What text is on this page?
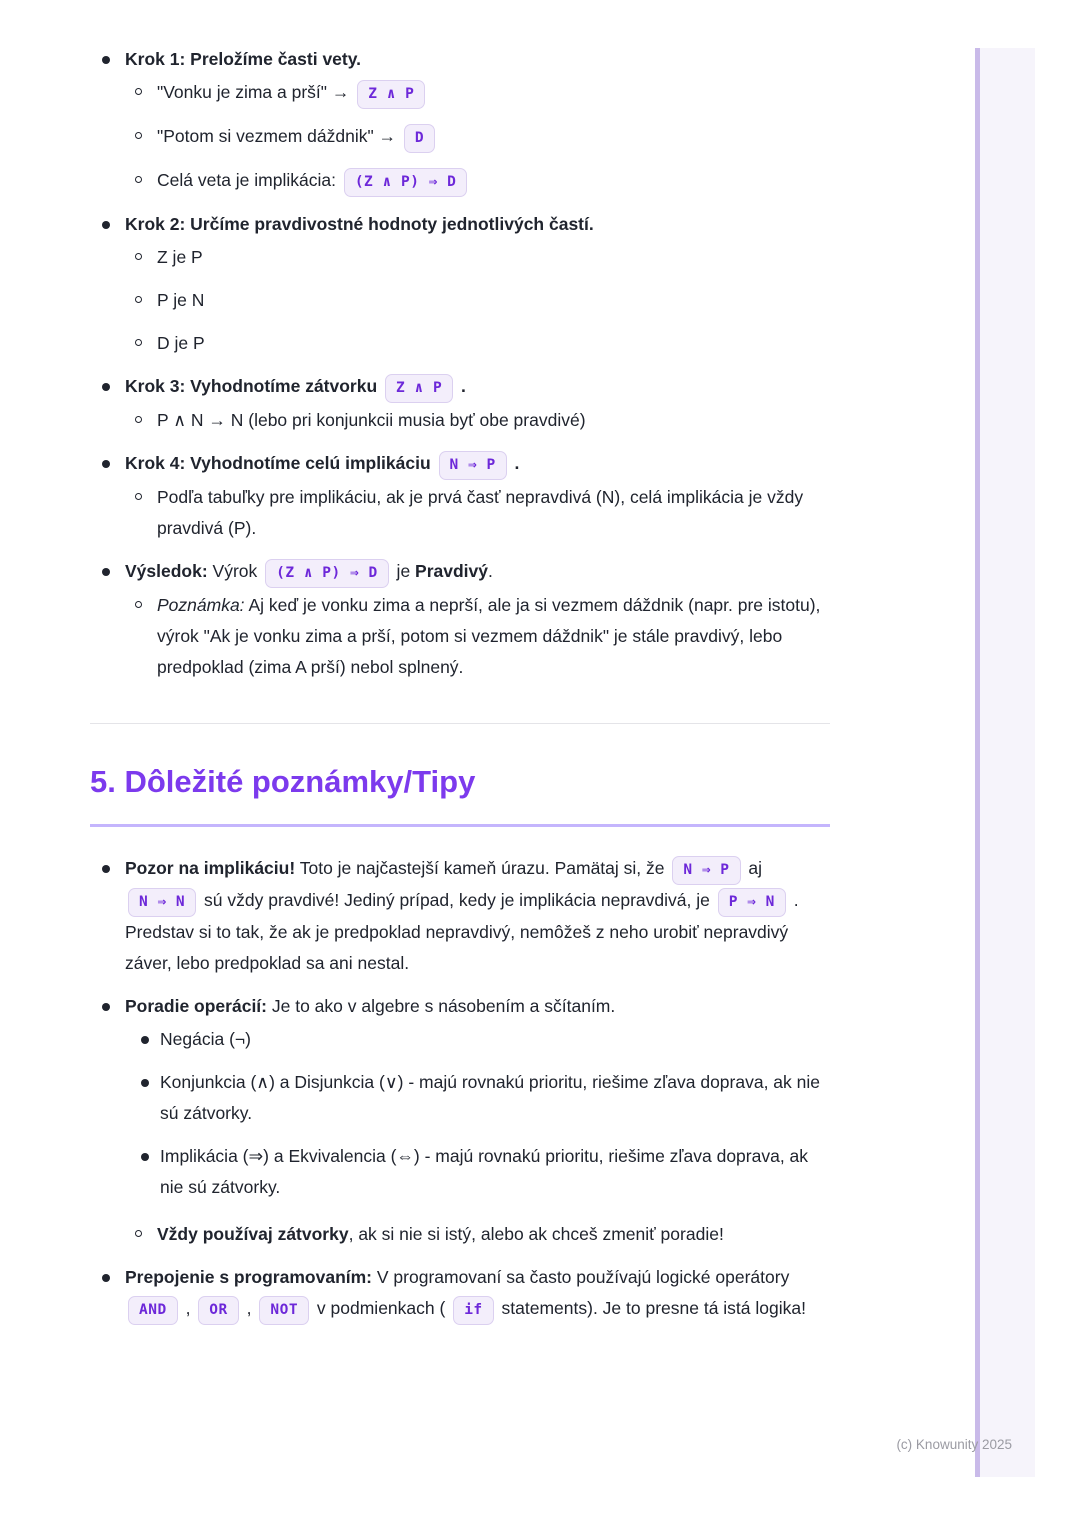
Krok 1: Preložíme časti vety.
"Vonku je zima a prší" → Z ∧ P
"Potom si vezmem dáždnik" → D
Celá veta je implikácia: (Z ∧ P) ⇒ D
Krok 2: Určíme pravdivostné hodnoty jednotlivých častí.
Z je P
P je N
D je P
Krok 3: Vyhodnotíme zátvorku Z ∧ P .
P ∧ N → N (lebo pri konjunkcii musia byť obe pravdivé)
Krok 4: Vyhodnotíme celú implikáciu N ⇒ P .
Podľa tabuľky pre implikáciu, ak je prvá časť nepravdivá (N), celá implikácia je vždy pravdivá (P).
Výsledok: Výrok (Z ∧ P) ⇒ D je Pravdivý.
Poznámka: Aj keď je vonku zima a neprší, ale ja si vezmem dáždnik (napr. pre istotu), výrok "Ak je vonku zima a prší, potom si vezmem dáždnik" je stále pravdivý, lebo predpoklad (zima A prší) nebol splnený.
5. Dôležité poznámky/Tipy
Pozor na implikáciu! Toto je najčastejší kameň úrazu. Pamätaj si, že N ⇒ P aj N ⇒ N sú vždy pravdivé! Jediný prípad, kedy je implikácia nepravdivá, je P ⇒ N . Predstav si to tak, že ak je predpoklad nepravdivý, nemôžeš z neho urobiť nepravdivý záver, lebo predpoklad sa ani nestal.
Poradie operácií: Je to ako v algebre s násobením a sčítaním.
Negácia (¬)
Konjunkcia (∧) a Disjunkcia (∨) - majú rovnakú prioritu, riešime zľava doprava, ak nie sú zátvorky.
Implikácia (⇒) a Ekvivalencia (⇔) - majú rovnakú prioritu, riešime zľava doprava, ak nie sú zátvorky.
Vždy používaj zátvorky, ak si nie si istý, alebo ak chceš zmeniť poradie!
Prepojenie s programovaním: V programovaní sa často používajú logické operátory AND , OR , NOT v podmienkach ( if statements). Je to presne tá istá logika!
(c) Knowunity 2025
